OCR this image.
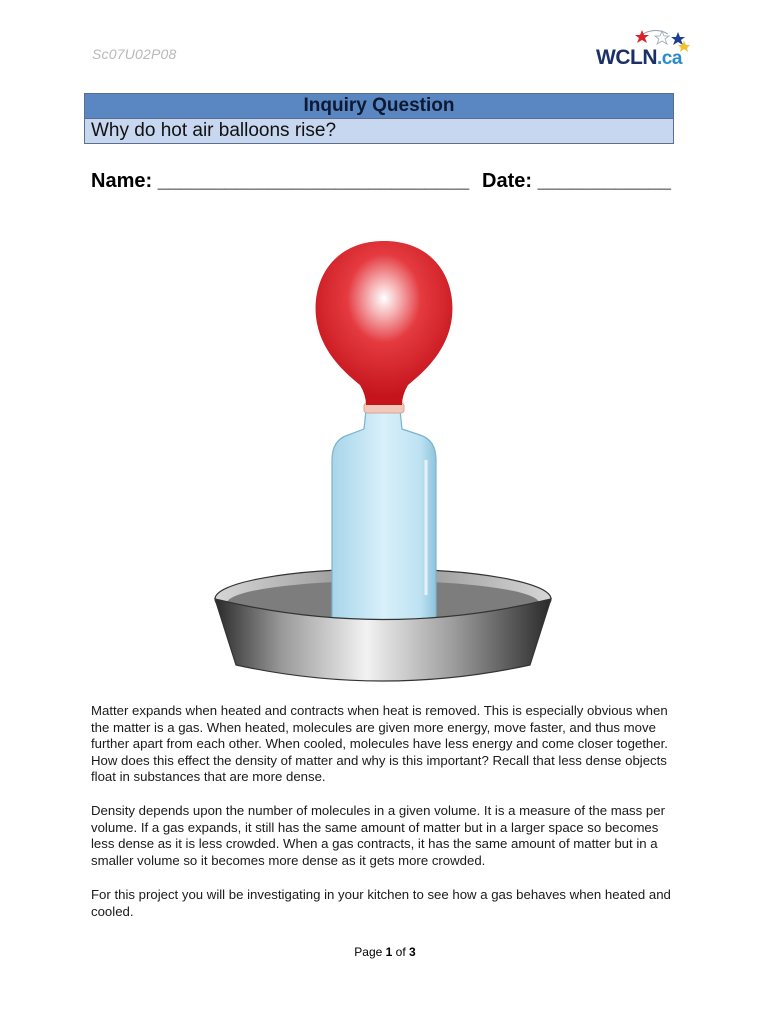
Sc07U02P08	WCLN.ca
Inquiry Question
Why do hot air balloons rise?
Name: ____________________________ Date: ____________
Matter expands when heated and contracts when heat is removed. This is especially obvious when the matter is a gas. When heated, molecules are given more energy, move faster, and thus move further apart from each other. When cooled, molecules have less energy and come closer together. How does this effect the density of matter and why is this important? Recall that less dense objects float in substances that are more dense.
Density depends upon the number of molecules in a given volume. It is a measure of the mass per volume. If a gas expands, it still has the same amount of matter but in a larger space so becomes less dense as it is less crowded. When a gas contracts, it has the same amount of matter but in a smaller volume so it becomes more dense as it gets more crowded.
For this project you will be investigating in your kitchen to see how a gas behaves when heated and cooled.
Page 1 of 3
